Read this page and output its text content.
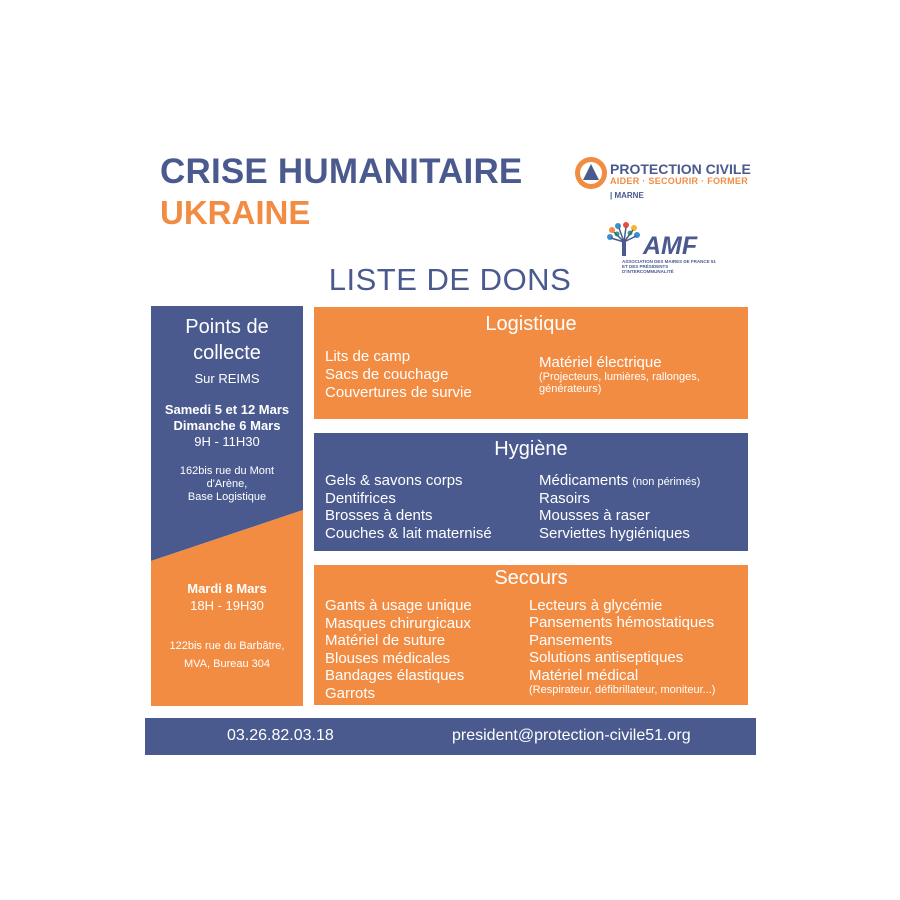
CRISE HUMANITAIRE
UKRAINE
PROTECTION CIVILE
AIDER · SECOURIR · FORMER
| MARNE
AMF
ASSOCIATION DES MAIRES DE FRANCE 51 ET DES PRÉSIDENTS D'INTERCOMMUNALITÉ
LISTE DE DONS
Points de
collecte
Sur REIMS
Samedi 5 et 12 Mars
Dimanche 6 Mars
9H - 11H30
162bis rue du Mont
d'Arène,
Base Logistique
Mardi 8 Mars
18H - 19H30
122bis rue du Barbâtre,
MVA, Bureau 304
Logistique
Lits de camp
Sacs de couchage
Couvertures de survie
Matériel électrique
(Projecteurs, lumières, rallonges, générateurs)
Hygiène
Gels & savons corps
Dentifrices
Brosses à dents
Couches & lait maternisé
Médicaments (non périmés)
Rasoirs
Mousses à raser
Serviettes hygiéniques
Secours
Gants à usage unique
Masques chirurgicaux
Matériel de suture
Blouses médicales
Bandages élastiques
Garrots
Lecteurs à glycémie
Pansements hémostatiques
Pansements
Solutions antiseptiques
Matériel médical
(Respirateur, défibrillateur, moniteur...)
03.26.82.03.18	president@protection-civile51.org
